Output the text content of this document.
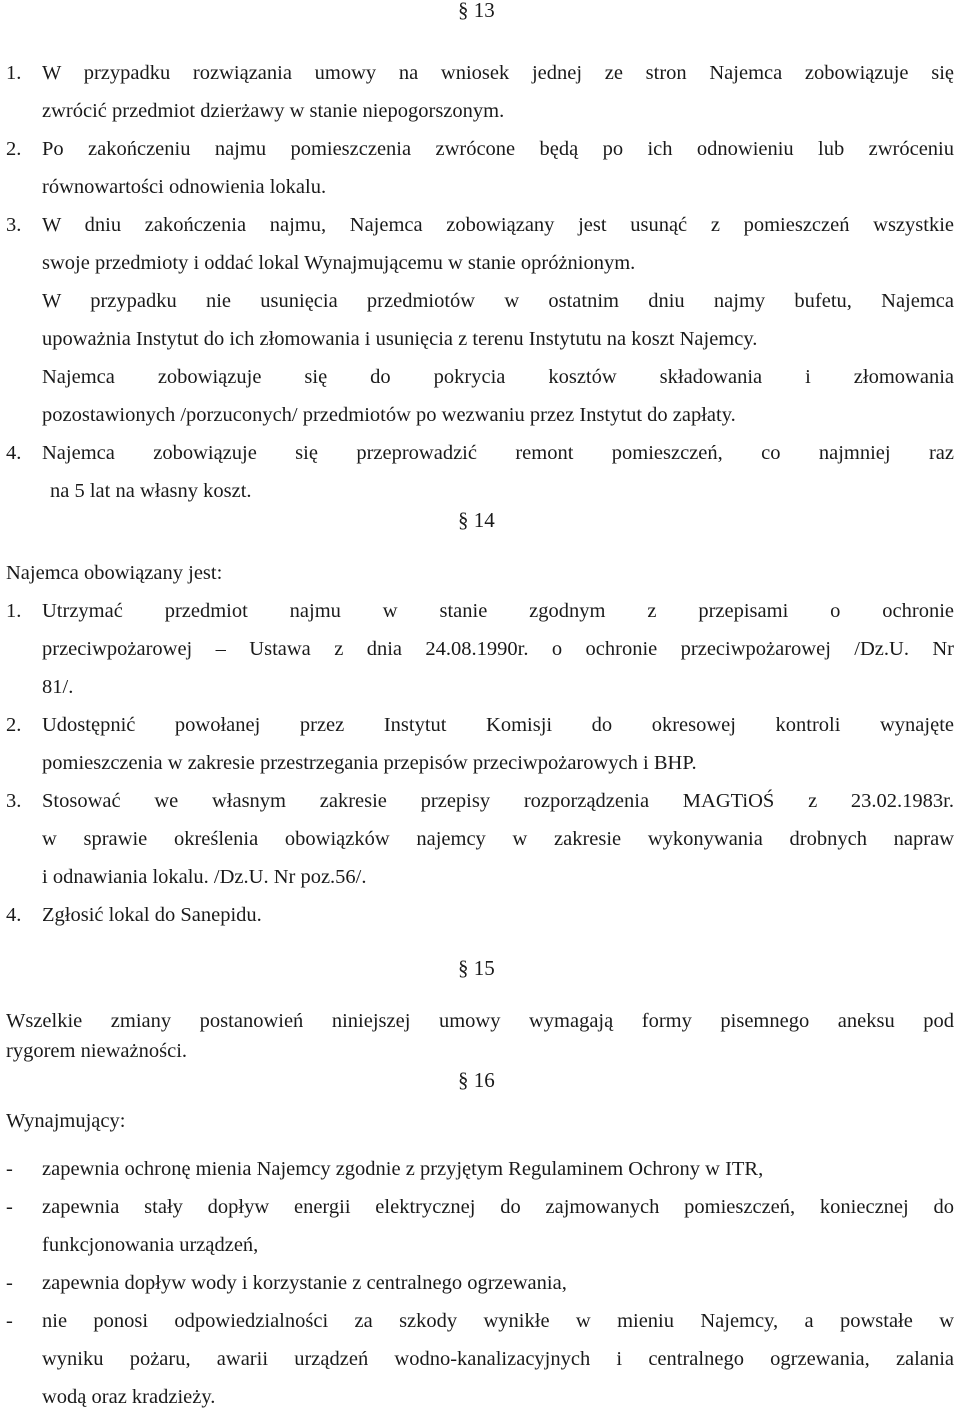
§ 13
1. W przypadku rozwiązania umowy na wniosek jednej ze stron Najemca zobowiązuje się
zwrócić przedmiot dzierżawy w stanie niepogorszonym.
2. Po zakończeniu najmu pomieszczenia zwrócone będą po ich odnowieniu lub zwróceniu
równowartości odnowienia lokalu.
3. W dniu zakończenia najmu, Najemca zobowiązany jest usunąć z pomieszczeń wszystkie
swoje przedmioty i oddać lokal Wynajmującemu w stanie opróżnionym.
W przypadku nie usunięcia przedmiotów w ostatnim dniu najmy bufetu, Najemca
upoważnia Instytut do ich złomowania i usunięcia z terenu Instytutu na koszt Najemcy.
Najemca zobowiązuje się do pokrycia kosztów składowania i złomowania
pozostawionych /porzuconych/ przedmiotów po wezwaniu przez Instytut do zapłaty.
4. Najemca zobowiązuje się przeprowadzić remont pomieszczeń, co najmniej raz
na 5 lat na własny koszt.
§ 14
Najemca obowiązany jest:
1. Utrzymać przedmiot najmu w stanie zgodnym z przepisami o ochronie
przeciwpożarowej – Ustawa z dnia 24.08.1990r. o ochronie przeciwpożarowej /Dz.U. Nr
81/.
2. Udostępnić powołanej przez Instytut Komisji do okresowej kontroli wynajęte
pomieszczenia w zakresie przestrzegania przepisów przeciwpożarowych i BHP.
3. Stosować we własnym zakresie przepisy rozporządzenia MAGTiOŚ z 23.02.1983r.
w sprawie określenia obowiązków najemcy w zakresie wykonywania drobnych napraw
i odnawiania lokalu. /Dz.U. Nr poz.56/.
4. Zgłosić lokal do Sanepidu.
§ 15
Wszelkie zmiany postanowień niniejszej umowy wymagają formy pisemnego aneksu pod
rygorem nieważności.
§ 16
Wynajmujący:
- zapewnia ochronę mienia Najemcy zgodnie z przyjętym Regulaminem Ochrony w ITR,
- zapewnia stały dopływ energii elektrycznej do zajmowanych pomieszczeń, koniecznej do
funkcjonowania urządzeń,
- zapewnia dopływ wody i korzystanie z centralnego ogrzewania,
- nie ponosi odpowiedzialności za szkody wynikłe w mieniu Najemcy, a powstałe w
wyniku pożaru, awarii urządzeń wodno-kanalizacyjnych i centralnego ogrzewania, zalania
wodą oraz kradzieży.
